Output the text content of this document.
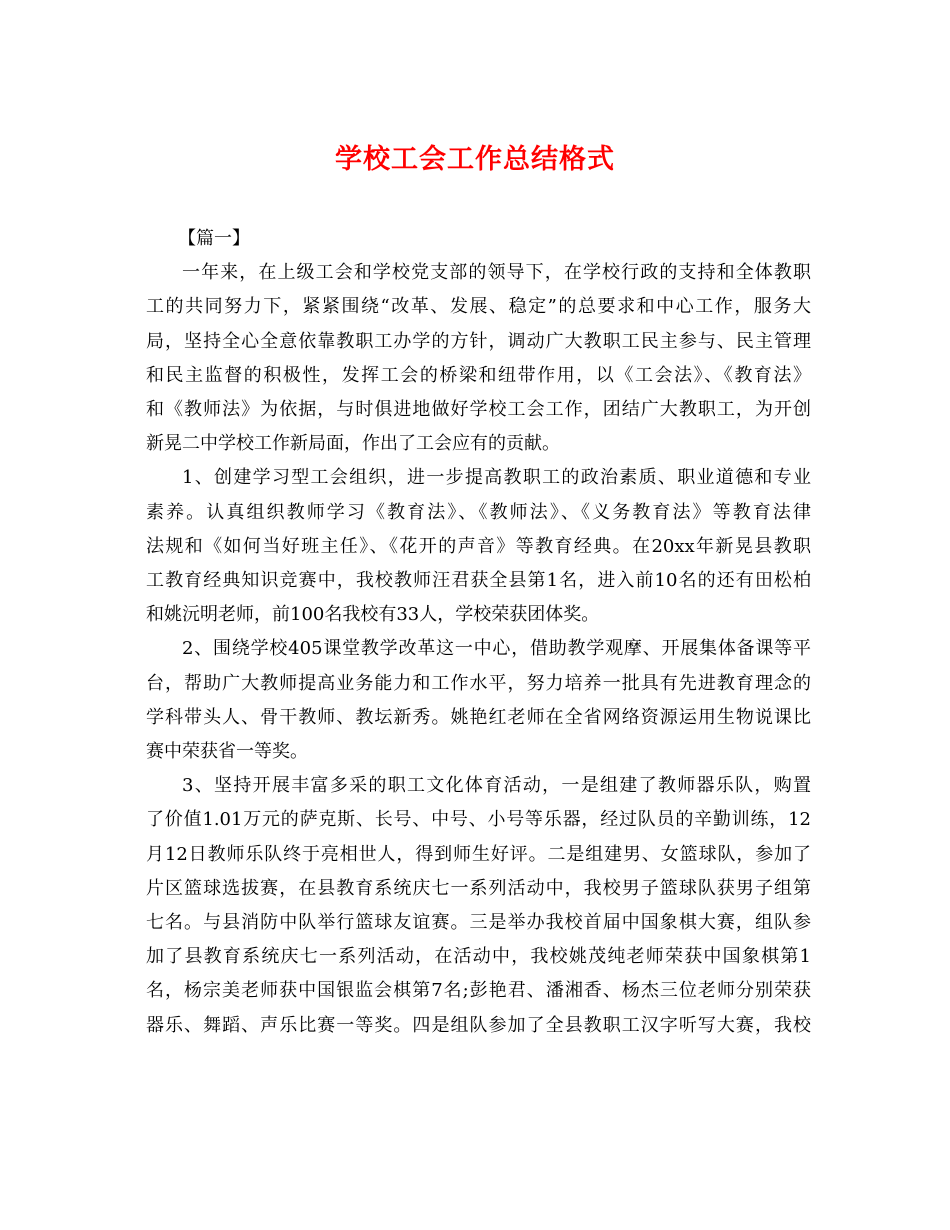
学校工会工作总结格式
【篇一】
一年来，在上级工会和学校党支部的领导下，在学校行政的支持和全体教职
工的共同努力下，紧紧围绕“改革、发展、稳定”的总要求和中心工作，服务大
局，坚持全心全意依靠教职工办学的方针，调动广大教职工民主参与、民主管理
和民主监督的积极性，发挥工会的桥梁和纽带作用，以《工会法》、《教育法》
和《教师法》为依据，与时俱进地做好学校工会工作，团结广大教职工，为开创
新晃二中学校工作新局面，作出了工会应有的贡献。
1、创建学习型工会组织，进一步提高教职工的政治素质、职业道德和专业
素养。认真组织教师学习《教育法》、《教师法》、《义务教育法》等教育法律
法规和《如何当好班主任》、《花开的声音》等教育经典。在20xx年新晃县教职
工教育经典知识竞赛中，我校教师汪君获全县第1名，进入前10名的还有田松柏
和姚沅明老师，前100名我校有33人，学校荣获团体奖。
2、围绕学校405课堂教学改革这一中心，借助教学观摩、开展集体备课等平
台，帮助广大教师提高业务能力和工作水平，努力培养一批具有先进教育理念的
学科带头人、骨干教师、教坛新秀。姚艳红老师在全省网络资源运用生物说课比
赛中荣获省一等奖。
3、坚持开展丰富多采的职工文化体育活动，一是组建了教师器乐队，购置
了价值1.01万元的萨克斯、长号、中号、小号等乐器，经过队员的辛勤训练，12
月12日教师乐队终于亮相世人，得到师生好评。二是组建男、女篮球队，参加了
片区篮球选拔赛，在县教育系统庆七一系列活动中，我校男子篮球队获男子组第
七名。与县消防中队举行篮球友谊赛。三是举办我校首届中国象棋大赛，组队参
加了县教育系统庆七一系列活动，在活动中，我校姚茂纯老师荣获中国象棋第1
名，杨宗美老师获中国银监会棋第7名;彭艳君、潘湘香、杨杰三位老师分别荣获
器乐、舞蹈、声乐比赛一等奖。四是组队参加了全县教职工汉字听写大赛，我校
